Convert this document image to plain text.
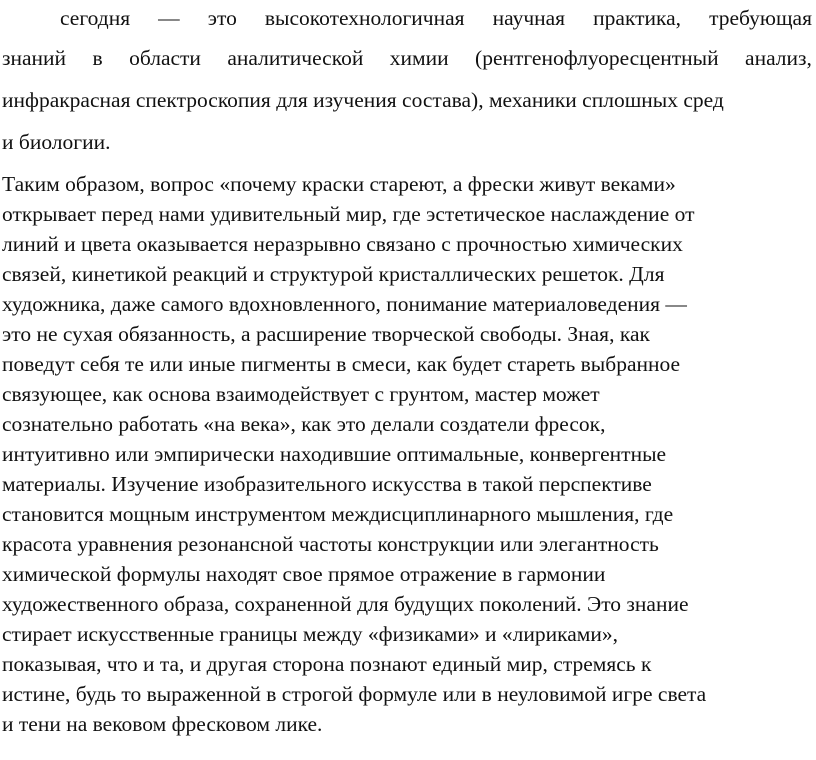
сегодня — это высокотехнологичная научная практика, требующая
знаний в области аналитической химии (рентгенофлуоресцентный анализ,
инфракрасная спектроскопия для изучения состава), механики сплошных сред
и биологии.
Таким образом, вопрос «почему краски стареют, а фрески живут веками»
открывает перед нами удивительный мир, где эстетическое наслаждение от
линий и цвета оказывается неразрывно связано с прочностью химических
связей, кинетикой реакций и структурой кристаллических решеток. Для
художника, даже самого вдохновленного, понимание материаловедения —
это не сухая обязанность, а расширение творческой свободы. Зная, как
поведут себя те или иные пигменты в смеси, как будет стареть выбранное
связующее, как основа взаимодействует с грунтом, мастер может
сознательно работать «на века», как это делали создатели фресок,
интуитивно или эмпирически находившие оптимальные, конвергентные
материалы. Изучение изобразительного искусства в такой перспективе
становится мощным инструментом междисциплинарного мышления, где
красота уравнения резонансной частоты конструкции или элегантность
химической формулы находят свое прямое отражение в гармонии
художественного образа, сохраненной для будущих поколений. Это знание
стирает искусственные границы между «физиками» и «лириками»,
показывая, что и та, и другая сторона познают единый мир, стремясь к
истине, будь то выраженной в строгой формуле или в неуловимой игре света
и тени на вековом фресковом лике.
